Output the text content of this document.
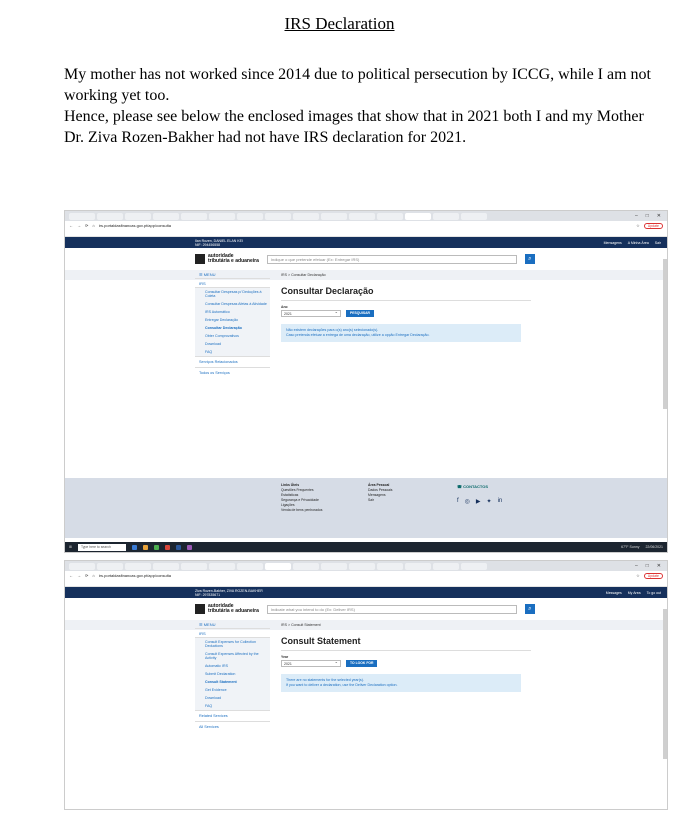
IRS Declaration

My mother has not worked since 2014 due to political persecution by ICCG, while I am not working yet too.

Hence, please see below the enclosed images that show that in 2021 both I and my Mother Dr. Ziva Rozen-Bakher had not have IRS declaration for 2021.

– □ ✕
← → ⟳ ⌂ irs.portaldasfinancas.gov.pt/app/consulta	☆	Update
Ilan Rozen, DANIEL ELAN KEI
NIF: 294456558	Mensagens A Minha Área Sair
autoridade
tributária e aduaneira	Indique o que pretende efetuar (Ex: Entregar IRS)	⌕
IRS > Consultar Declaração
☰ MENU
IRS
Consultar Despesas p/ Deduções à Coleta
Consultar Despesas Afetas à Atividade
IRS Automático
Entregar Declaração
Consultar Declaração
Obter Comprovativos
Download
FAQ
Serviços Relacionados
Todos os Serviços
Consultar Declaração
Ano
2021 ⌄	PESQUISAR
Não existem declarações para o(s) ano(s) selecionado(s).
Caso pretenda efetuar a entrega de uma declaração, utilize a opção Entregar Declaração.
Links Úteis
Questões Frequentes
Estatísticas
Segurança e Privacidade
Ligações
Venda de bens penhorados
Área Pessoal
Dados Pessoais
Mensagens
Sair
☎ CONTACTOS
f ◎ ▶ ✦ in
⊞	Type here to search	67°F Sunny 22/06/2021
– □ ✕
← → ⟳ ⌂ irs.portaldasfinancas.gov.pt/app/consulta	☆	Update
Ziva Rozen-Bakher, ZIVA ROZEN-BAKHER
NIF: 297835671	Messages My Area To go out
autoridade
tributária e aduaneira	Indicate what you intend to do (Ex: Deliver IRS)	⌕
IRS > Consult Statement
☰ MENU
IRS
Consult Expenses for Collection Deductions
Consult Expenses Affected by the Activity
Automatic IRS
Submit Declaration
Consult Statement
Get Evidence
Download
FAQ
Related Services
All Services
Consult Statement
Year
2021 ⌄	TO LOOK FOR
There are no statements for the selected year(s).
If you want to deliver a declaration, use the Deliver Declaration option.
